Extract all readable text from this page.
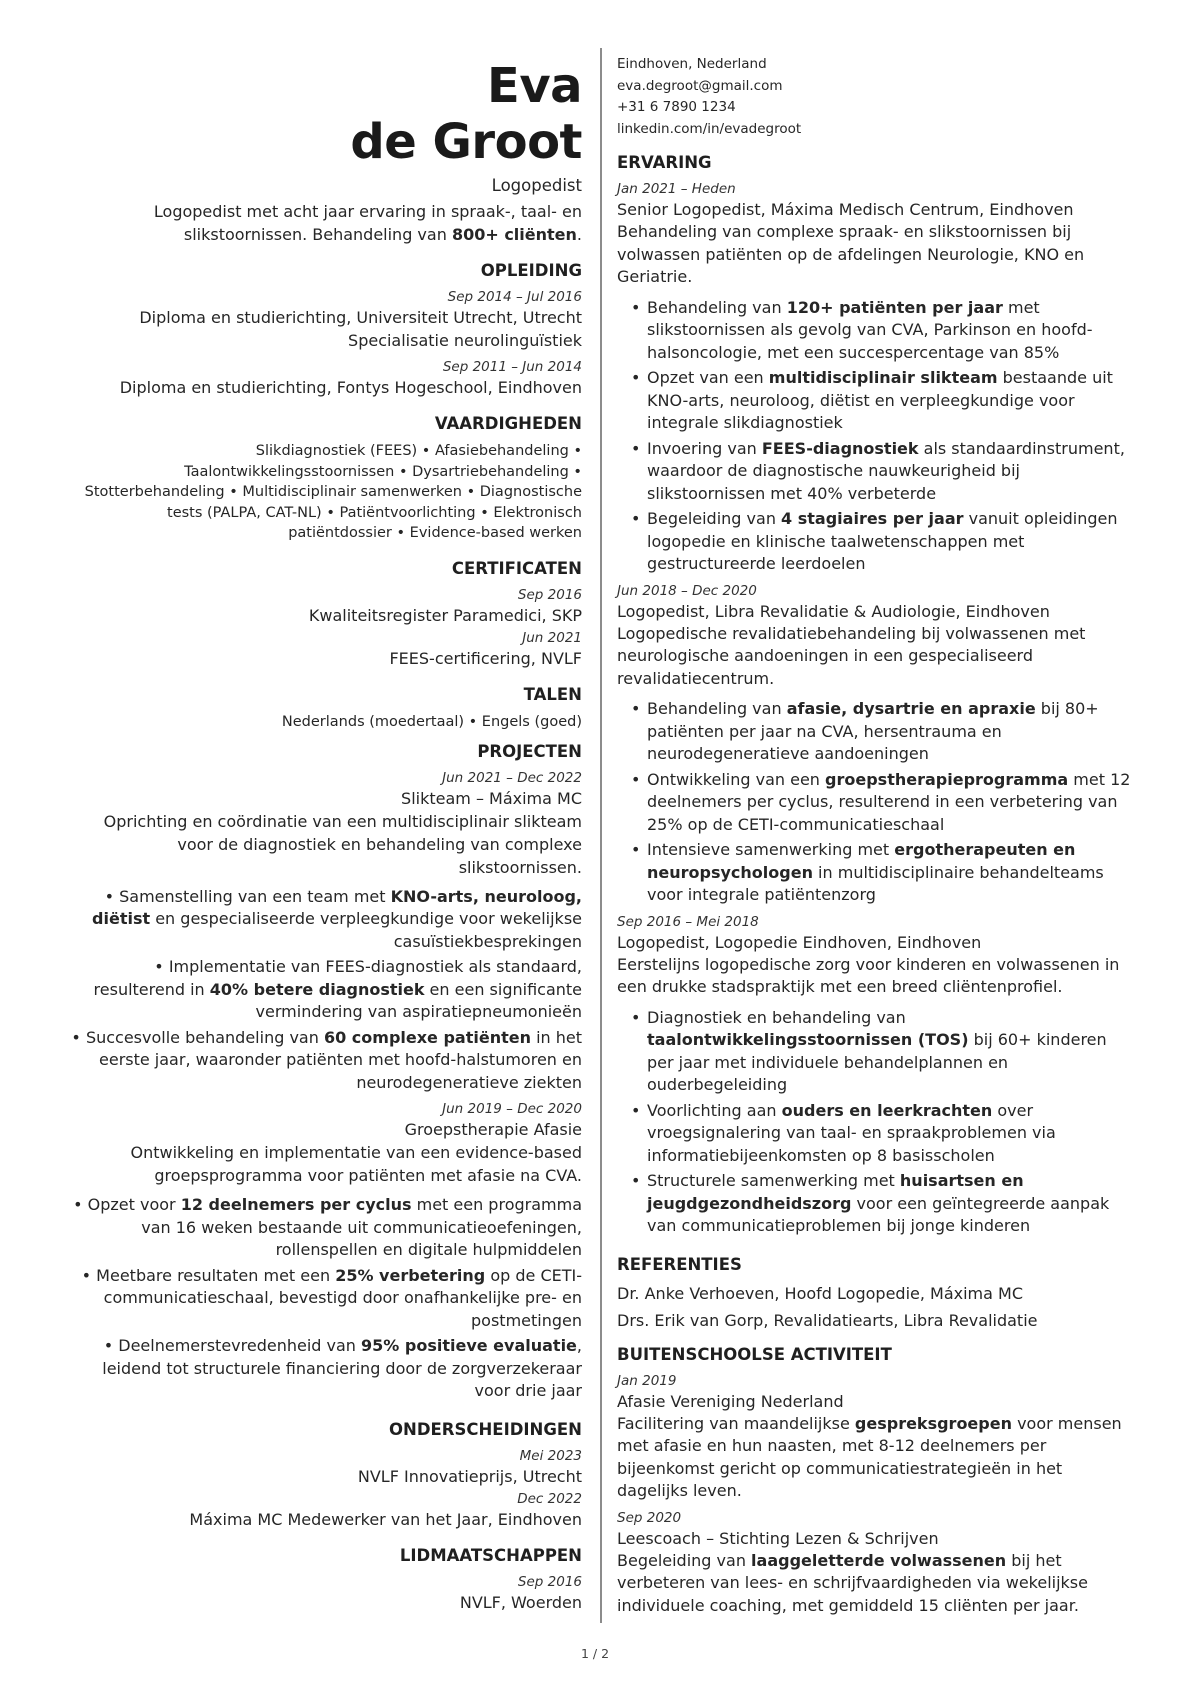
Eva
de Groot
Logopedist
Logopedist met acht jaar ervaring in spraak-, taal- en slikstoornissen. Behandeling van 800+ cliënten.
OPLEIDING
Sep 2014 – Jul 2016
Diploma en studierichting, Universiteit Utrecht, Utrecht
Specialisatie neurolinguïstiek
Sep 2011 – Jun 2014
Diploma en studierichting, Fontys Hogeschool, Eindhoven
VAARDIGHEDEN
Slikdiagnostiek (FEES) • Afasiebehandeling • Taalontwikkelingsstoornissen • Dysartriebehandeling • Stotterbehandeling • Multidisciplinair samenwerken • Diagnostische tests (PALPA, CAT-NL) • Patiëntvoorlichting • Elektronisch patiëntdossier • Evidence-based werken
CERTIFICATEN
Sep 2016
Kwaliteitsregister Paramedici, SKP
Jun 2021
FEES-certificering, NVLF
TALEN
Nederlands (moedertaal) • Engels (goed)
PROJECTEN
Jun 2021 – Dec 2022
Slikteam – Máxima MC
Oprichting en coördinatie van een multidisciplinair slikteam voor de diagnostiek en behandeling van complexe slikstoornissen.
• Samenstelling van een team met KNO-arts, neuroloog, diëtist en gespecialiseerde verpleegkundige voor wekelijkse casuïstiekbesprekingen
• Implementatie van FEES-diagnostiek als standaard, resulterend in 40% betere diagnostiek en een significante vermindering van aspiratiepneumonieën
• Succesvolle behandeling van 60 complexe patiënten in het eerste jaar, waaronder patiënten met hoofd-halstumoren en neurodegeneratieve ziekten
Jun 2019 – Dec 2020
Groepstherapie Afasie
Ontwikkeling en implementatie van een evidence-based groepsprogramma voor patiënten met afasie na CVA.
• Opzet voor 12 deelnemers per cyclus met een programma van 16 weken bestaande uit communicatieoefeningen, rollenspellen en digitale hulpmiddelen
• Meetbare resultaten met een 25% verbetering op de CETI-communicatieschaal, bevestigd door onafhankelijke pre- en postmetingen
• Deelnemerstevredenheid van 95% positieve evaluatie, leidend tot structurele financiering door de zorgverzekeraar voor drie jaar
ONDERSCHEIDINGEN
Mei 2023
NVLF Innovatieprijs, Utrecht
Dec 2022
Máxima MC Medewerker van het Jaar, Eindhoven
LIDMAATSCHAPPEN
Sep 2016
NVLF, Woerden
Eindhoven, Nederland
eva.degroot@gmail.com
+31 6 7890 1234
linkedin.com/in/evadegroot
ERVARING
Jan 2021 – Heden
Senior Logopedist, Máxima Medisch Centrum, Eindhoven
Behandeling van complexe spraak- en slikstoornissen bij volwassen patiënten op de afdelingen Neurologie, KNO en Geriatrie.
• Behandeling van 120+ patiënten per jaar met slikstoornissen als gevolg van CVA, Parkinson en hoofd-halsoncologie, met een succespercentage van 85%
• Opzet van een multidisciplinair slikteam bestaande uit KNO-arts, neuroloog, diëtist en verpleegkundige voor integrale slikdiagnostiek
• Invoering van FEES-diagnostiek als standaardinstrument, waardoor de diagnostische nauwkeurigheid bij slikstoornissen met 40% verbeterde
• Begeleiding van 4 stagiaires per jaar vanuit opleidingen logopedie en klinische taalwetenschappen met gestructureerde leerdoelen
Jun 2018 – Dec 2020
Logopedist, Libra Revalidatie & Audiologie, Eindhoven
Logopedische revalidatiebehandeling bij volwassenen met neurologische aandoeningen in een gespecialiseerd revalidatiecentrum.
• Behandeling van afasie, dysartrie en apraxie bij 80+ patiënten per jaar na CVA, hersentrauma en neurodegeneratieve aandoeningen
• Ontwikkeling van een groepstherapieprogramma met 12 deelnemers per cyclus, resulterend in een verbetering van 25% op de CETI-communicatieschaal
• Intensieve samenwerking met ergotherapeuten en neuropsychologen in multidisciplinaire behandelteams voor integrale patiëntenzorg
Sep 2016 – Mei 2018
Logopedist, Logopedie Eindhoven, Eindhoven
Eerstelijns logopedische zorg voor kinderen en volwassenen in een drukke stadspraktijk met een breed cliëntenprofiel.
• Diagnostiek en behandeling van taalontwikkelingsstoornissen (TOS) bij 60+ kinderen per jaar met individuele behandelplannen en ouderbegeleiding
• Voorlichting aan ouders en leerkrachten over vroegsignalering van taal- en spraakproblemen via informatiebijeenkomsten op 8 basisscholen
• Structurele samenwerking met huisartsen en jeugdgezondheidszorg voor een geïntegreerde aanpak van communicatieproblemen bij jonge kinderen
REFERENTIES
Dr. Anke Verhoeven, Hoofd Logopedie, Máxima MC
Drs. Erik van Gorp, Revalidatiearts, Libra Revalidatie
BUITENSCHOOLSE ACTIVITEIT
Jan 2019
Afasie Vereniging Nederland
Facilitering van maandelijkse gespreksgroepen voor mensen met afasie en hun naasten, met 8-12 deelnemers per bijeenkomst gericht op communicatiestrategieën in het dagelijks leven.
Sep 2020
Leescoach – Stichting Lezen & Schrijven
Begeleiding van laaggeletterde volwassenen bij het verbeteren van lees- en schrijfvaardigheden via wekelijkse individuele coaching, met gemiddeld 15 cliënten per jaar.
1 / 2
